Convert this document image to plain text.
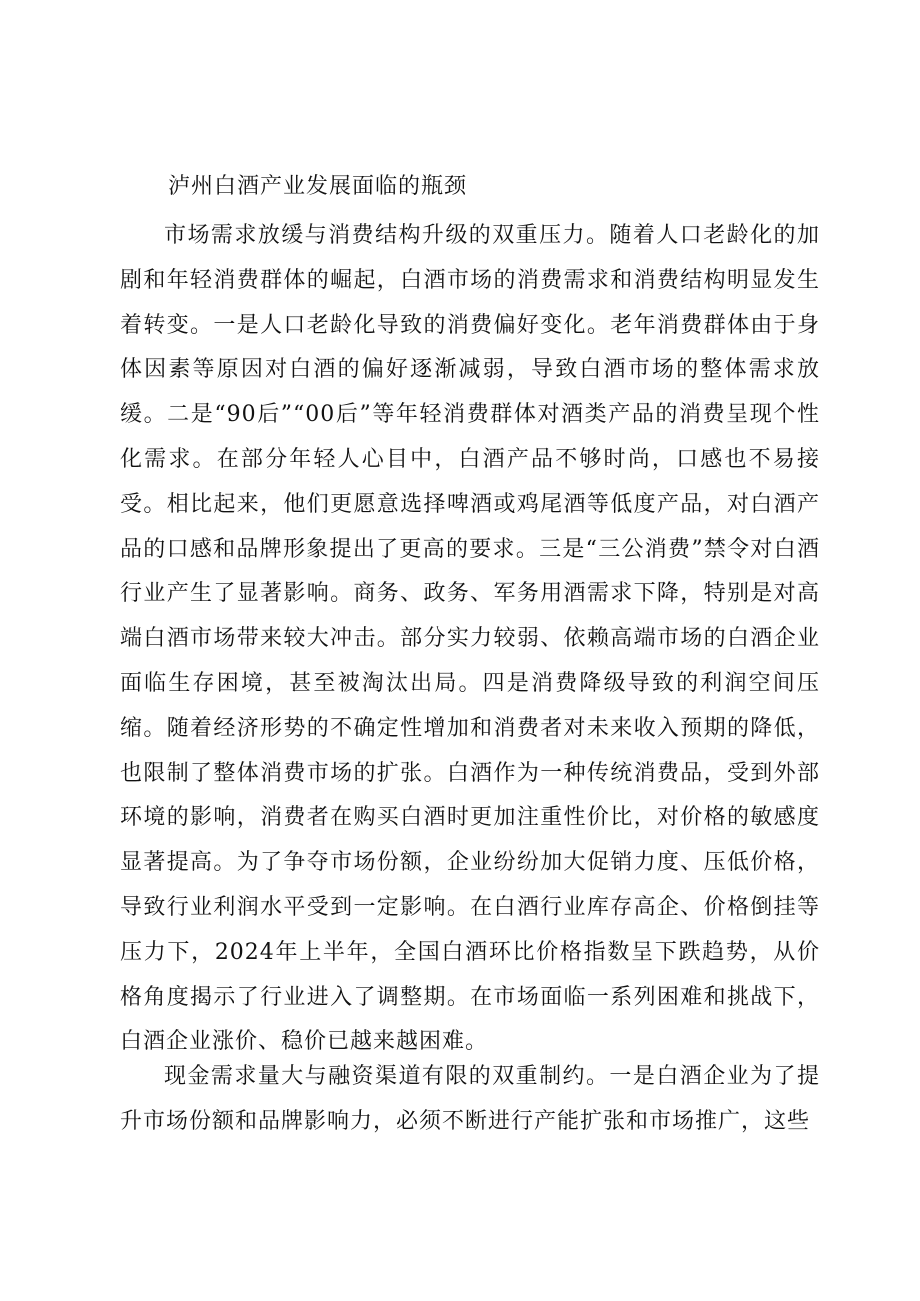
泸州白酒产业发展面临的瓶颈

市场需求放缓与消费结构升级的双重压力。随着人口老龄化的加剧和年轻消费群体的崛起，白酒市场的消费需求和消费结构明显发生着转变。一是人口老龄化导致的消费偏好变化。老年消费群体由于身体因素等原因对白酒的偏好逐渐减弱，导致白酒市场的整体需求放缓。二是“90后”“00后”等年轻消费群体对酒类产品的消费呈现个性化需求。在部分年轻人心目中，白酒产品不够时尚，口感也不易接受。相比起来，他们更愿意选择啤酒或鸡尾酒等低度产品，对白酒产品的口感和品牌形象提出了更高的要求。三是“三公消费”禁令对白酒行业产生了显著影响。商务、政务、军务用酒需求下降，特别是对高端白酒市场带来较大冲击。部分实力较弱、依赖高端市场的白酒企业面临生存困境，甚至被淘汰出局。四是消费降级导致的利润空间压缩。随着经济形势的不确定性增加和消费者对未来收入预期的降低，也限制了整体消费市场的扩张。白酒作为一种传统消费品，受到外部环境的影响，消费者在购买白酒时更加注重性价比，对价格的敏感度显著提高。为了争夺市场份额，企业纷纷加大促销力度、压低价格，导致行业利润水平受到一定影响。在白酒行业库存高企、价格倒挂等压力下，2024年上半年，全国白酒环比价格指数呈下跌趋势，从价格角度揭示了行业进入了调整期。在市场面临一系列困难和挑战下，白酒企业涨价、稳价已越来越困难。

现金需求量大与融资渠道有限的双重制约。一是白酒企业为了提升市场份额和品牌影响力，必须不断进行产能扩张和市场推广，这些
